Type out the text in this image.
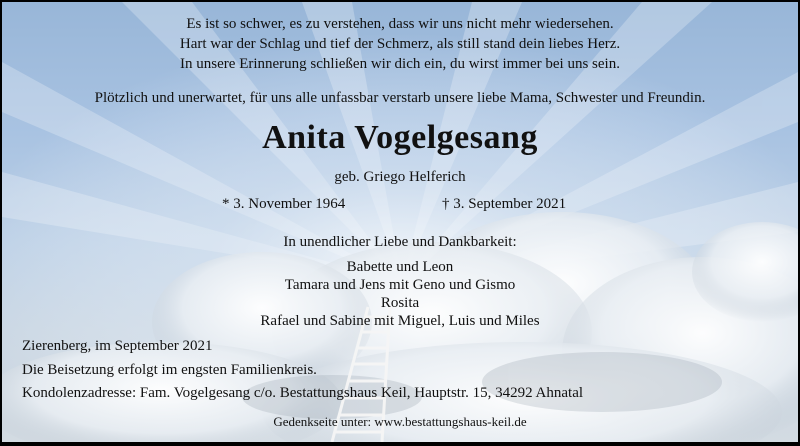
Es ist so schwer, es zu verstehen, dass wir uns nicht mehr wiedersehen.
Hart war der Schlag und tief der Schmerz, als still stand dein liebes Herz.
In unsere Erinnerung schließen wir dich ein, du wirst immer bei uns sein.
Plötzlich und unerwartet, für uns alle unfassbar verstarb unsere liebe Mama, Schwester und Freundin.
Anita Vogelgesang
geb. Griego Helferich
* 3. November 1964	† 3. September 2021
In unendlicher Liebe und Dankbarkeit:
Babette und Leon
Tamara und Jens mit Geno und Gismo
Rosita
Rafael und Sabine mit Miguel, Luis und Miles
Zierenberg, im September 2021
Die Beisetzung erfolgt im engsten Familienkreis.
Kondolenzadresse: Fam. Vogelgesang c/o. Bestattungshaus Keil, Hauptstr. 15, 34292 Ahnatal
Gedenkseite unter: www.bestattungshaus-keil.de
